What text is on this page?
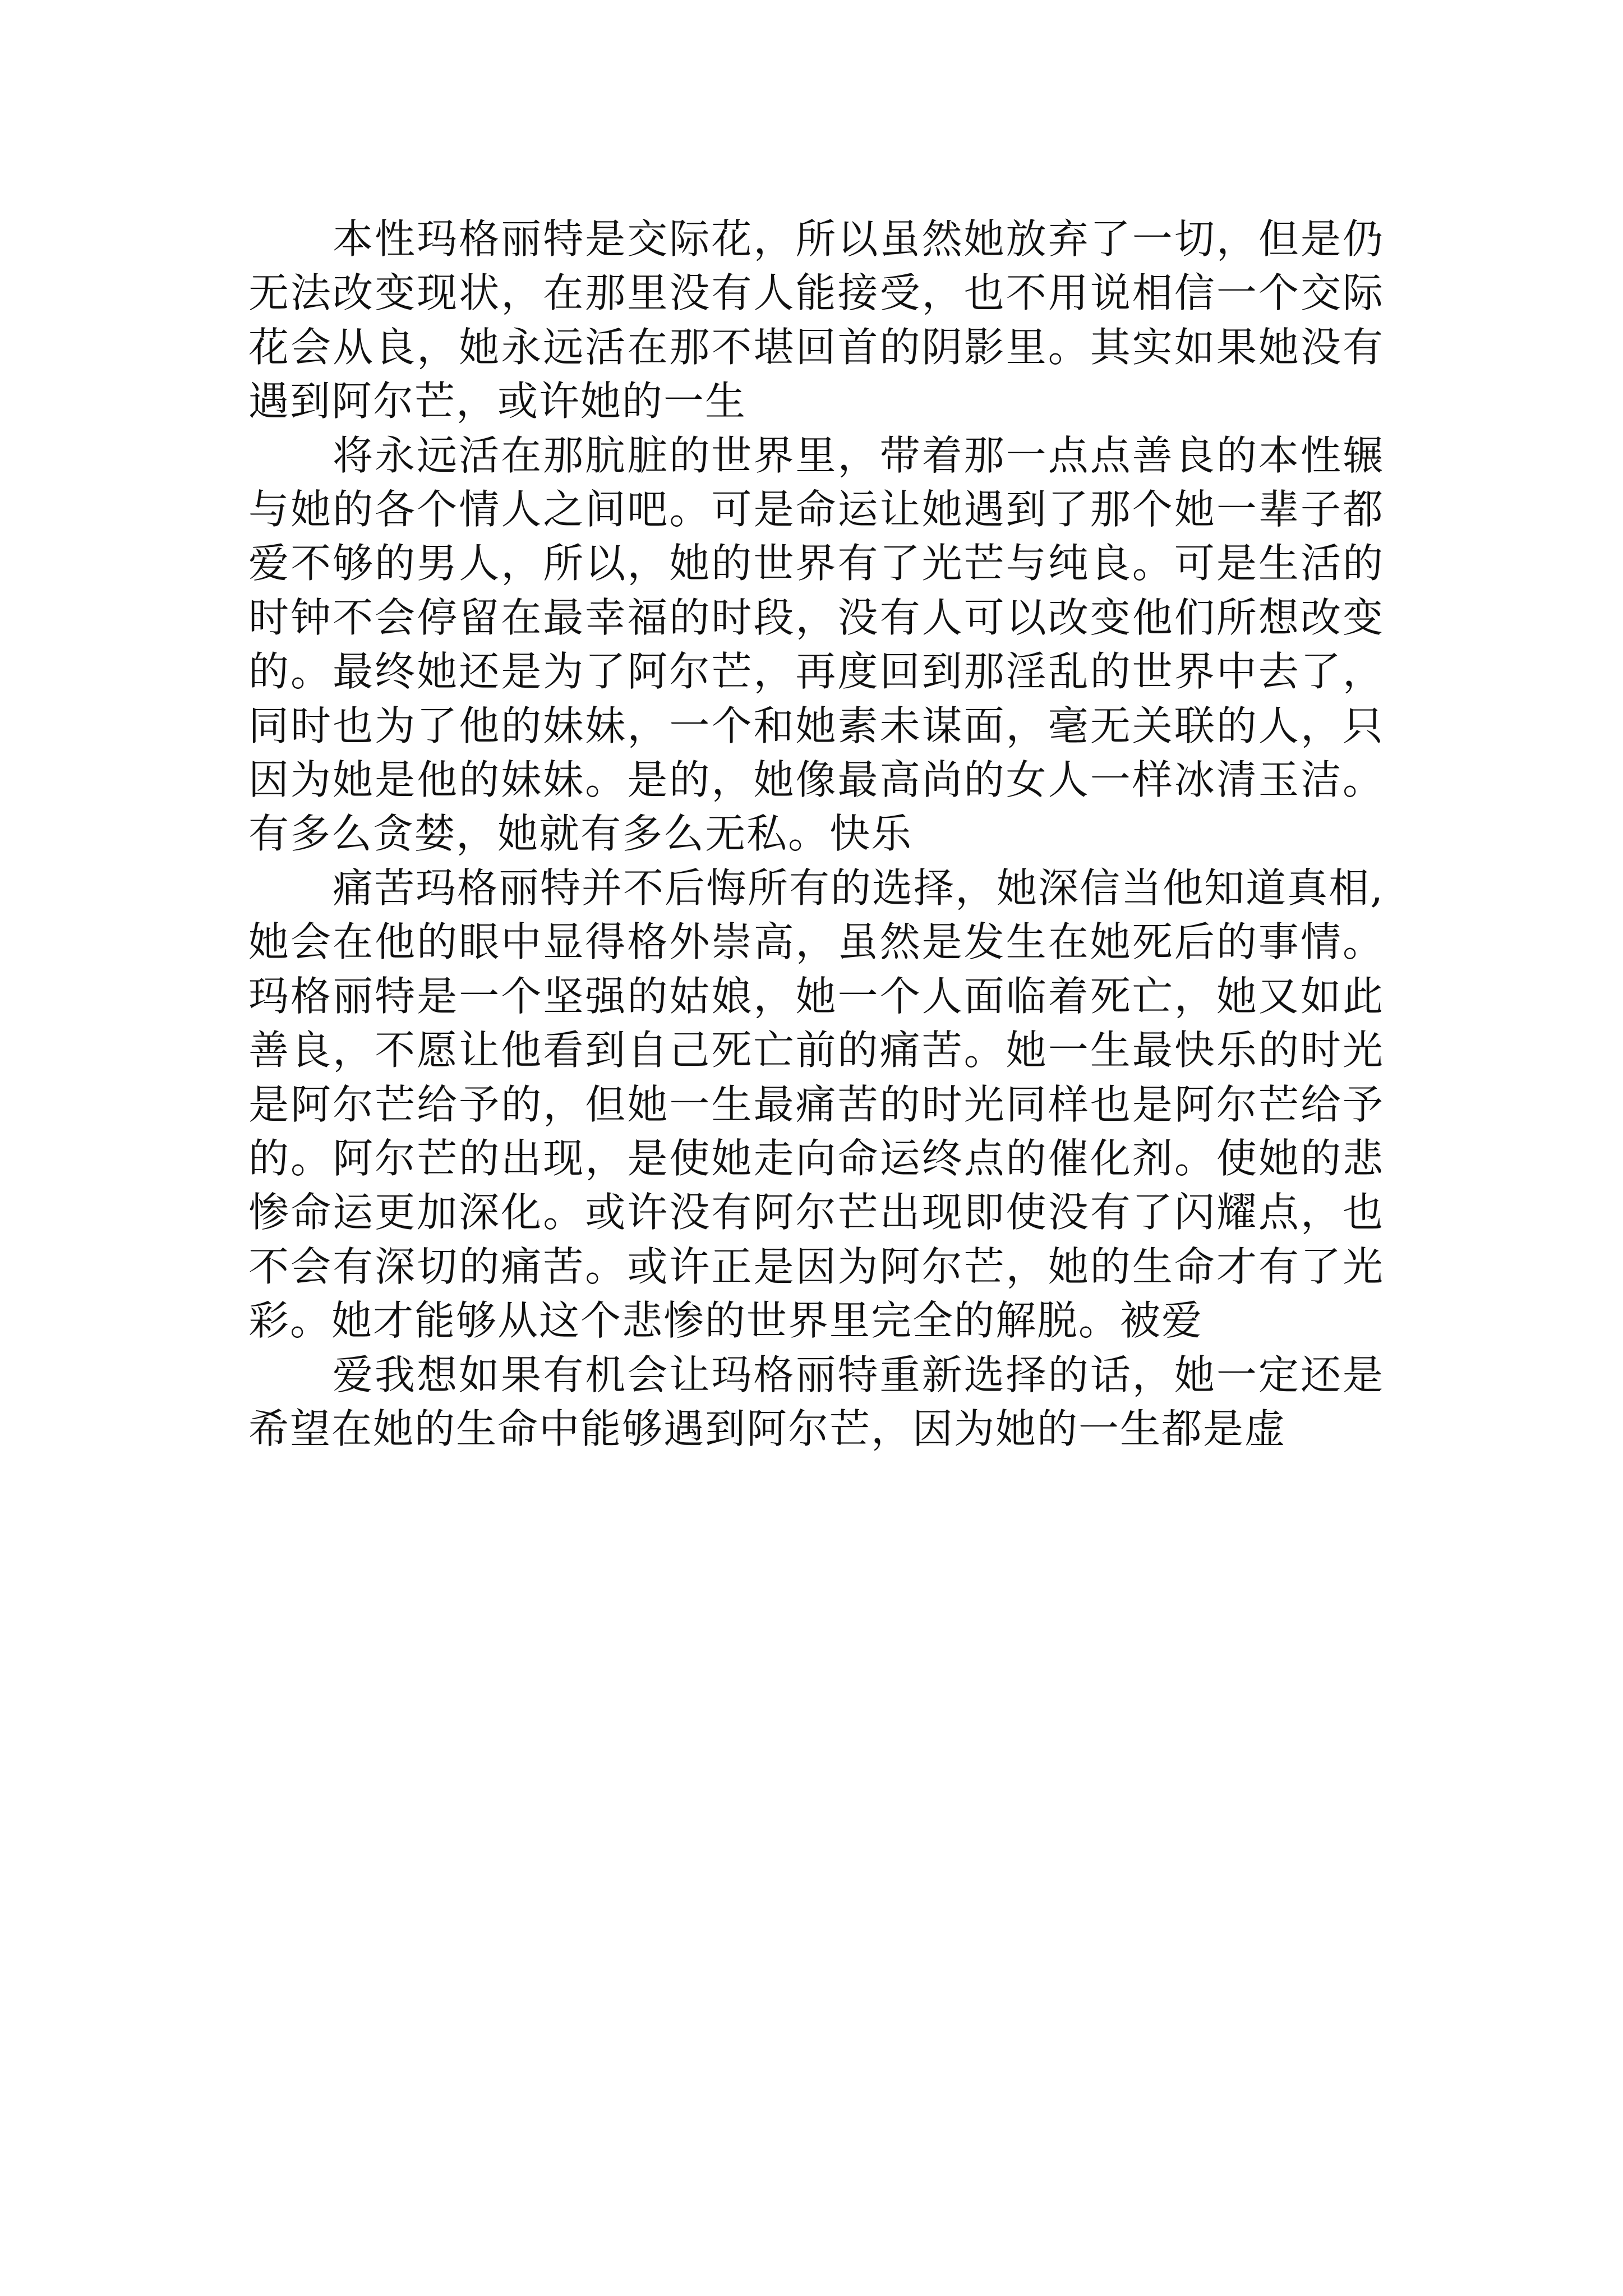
本性玛格丽特是交际花，所以虽然她放弃了一切，但是仍无法改变现状，在那里没有人能接受，也不用说相信一个交际花会从良，她永远活在那不堪回首的阴影里。其实如果她没有遇到阿尔芒，或许她的一生

将永远活在那肮脏的世界里，带着那一点点善良的本性辗与她的各个情人之间吧。可是命运让她遇到了那个她一辈子都爱不够的男人，所以，她的世界有了光芒与纯良。可是生活的时钟不会停留在最幸福的时段，没有人可以改变他们所想改变的。最终她还是为了阿尔芒，再度回到那淫乱的世界中去了，同时也为了他的妹妹，一个和她素未谋面，毫无关联的人，只因为她是他的妹妹。是的，她像最高尚的女人一样冰清玉洁。有多么贪婪，她就有多么无私。快乐

痛苦玛格丽特并不后悔所有的选择，她深信当他知道真相,她会在他的眼中显得格外崇高，虽然是发生在她死后的事情。玛格丽特是一个坚强的姑娘，她一个人面临着死亡，她又如此善良，不愿让他看到自己死亡前的痛苦。她一生最快乐的时光是阿尔芒给予的，但她一生最痛苦的时光同样也是阿尔芒给予的。阿尔芒的出现，是使她走向命运终点的催化剂。使她的悲惨命运更加深化。或许没有阿尔芒出现即使没有了闪耀点，也不会有深切的痛苦。或许正是因为阿尔芒，她的生命才有了光彩。她才能够从这个悲惨的世界里完全的解脱。被爱

爱我想如果有机会让玛格丽特重新选择的话，她一定还是希望在她的生命中能够遇到阿尔芒，因为她的一生都是虚
